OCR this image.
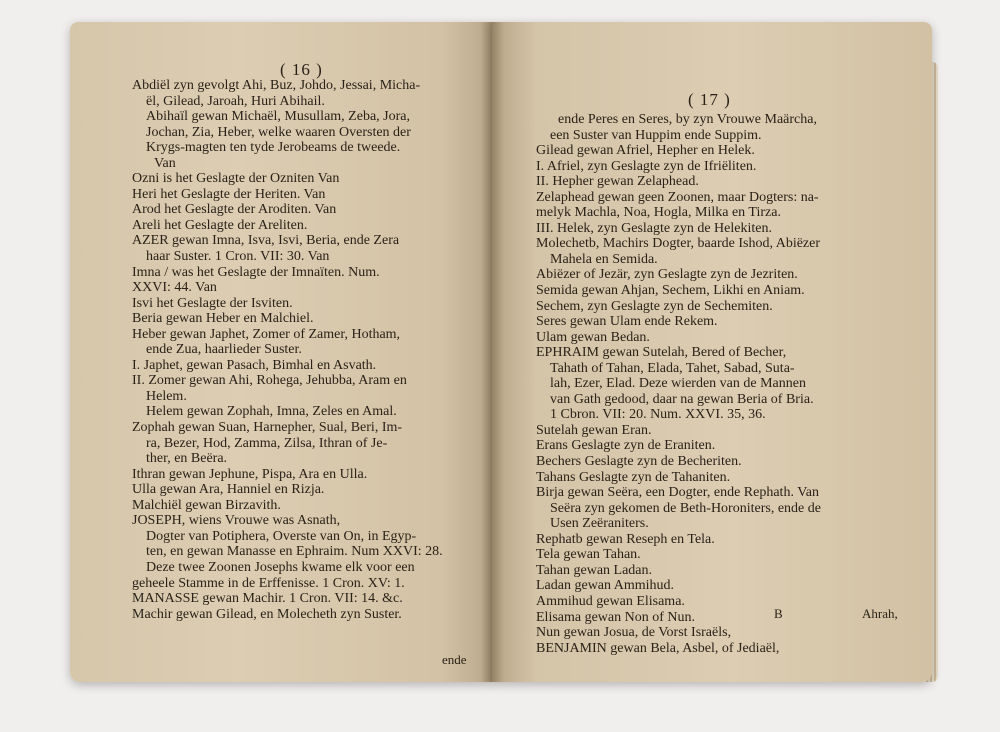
( 16 )
Abdiël zyn gevolgt Ahi, Buz, Johdo, Jessai, Micha-
ël, Gilead, Jaroah, Huri Abihail.
Abihaïl gewan Michaël, Musullam, Zeba, Jora,
Jochan, Zia, Heber, welke waaren Oversten der
Krygs-magten ten tyde Jerobeams de tweede.
Van
Ozni is het Geslagte der Ozniten Van
Heri het Geslagte der Heriten. Van
Arod het Geslagte der Aroditen. Van
Areli het Geslagte der Areliten.
AZER gewan Imna, Isva, Isvi, Beria, ende Zera
haar Suster. 1 Cron. VII: 30. Van
Imna / was het Geslagte der Imnaïten. Num.
XXVI: 44. Van
Isvi het Geslagte der Isviten.
Beria gewan Heber en Malchiel.
Heber gewan Japhet, Zomer of Zamer, Hotham,
ende Zua, haarlieder Suster.
I. Japhet, gewan Pasach, Bimhal en Asvath.
II. Zomer gewan Ahi, Rohega, Jehubba, Aram en
Helem.
Helem gewan Zophah, Imna, Zeles en Amal.
Zophah gewan Suan, Harnepher, Sual, Beri, Im-
ra, Bezer, Hod, Zamma, Zilsa, Ithran of Je-
ther, en Beëra.
Ithran gewan Jephune, Pispa, Ara en Ulla.
Ulla gewan Ara, Hanniel en Rizja.
Malchiël gewan Birzavith.
JOSEPH, wiens Vrouwe was Asnath,
Dogter van Potiphera, Overste van On, in Egyp-
ten, en gewan Manasse en Ephraim. Num XXVI: 28.
Deze twee Zoonen Josephs kwame elk voor een
geheele Stamme in de Erffenisse. 1 Cron. XV: 1.
MANASSE gewan Machir. 1 Cron. VII: 14. &c.
Machir gewan Gilead, en Molecheth zyn Suster.
ende
( 17 )
ende Peres en Seres, by zyn Vrouwe Maärcha,
een Suster van Huppim ende Suppim.
Gilead gewan Afriel, Hepher en Helek.
I. Afriel, zyn Geslagte zyn de Ifriëliten.
II. Hepher gewan Zelaphead.
Zelaphead gewan geen Zoonen, maar Dogters: na-
melyk Machla, Noa, Hogla, Milka en Tirza.
III. Helek, zyn Geslagte zyn de Helekiten.
Molechetb, Machirs Dogter, baarde Ishod, Abiëzer
Mahela en Semida.
Abiëzer of Jezär, zyn Geslagte zyn de Jezriten.
Semida gewan Ahjan, Sechem, Likhi en Aniam.
Sechem, zyn Geslagte zyn de Sechemiten.
Seres gewan Ulam ende Rekem.
Ulam gewan Bedan.
EPHRAIM gewan Sutelah, Bered of Becher,
Tahath of Tahan, Elada, Tahet, Sabad, Suta-
lah, Ezer, Elad. Deze wierden van de Mannen
van Gath gedood, daar na gewan Beria of Bria.
1 Cbron. VII: 20. Num. XXVI. 35, 36.
Sutelah gewan Eran.
Erans Geslagte zyn de Eraniten.
Bechers Geslagte zyn de Becheriten.
Tahans Geslagte zyn de Tahaniten.
Birja gewan Seëra, een Dogter, ende Rephath. Van
Seëra zyn gekomen de Beth-Horoniters, ende de
Usen Zeëraniters.
Rephatb gewan Reseph en Tela.
Tela gewan Tahan.
Tahan gewan Ladan.
Ladan gewan Ammihud.
Ammihud gewan Elisama.
Elisama gewan Non of Nun.
Nun gewan Josua, de Vorst Israëls,
BENJAMIN gewan Bela, Asbel, of Jediaël,
B	Ahrah,
